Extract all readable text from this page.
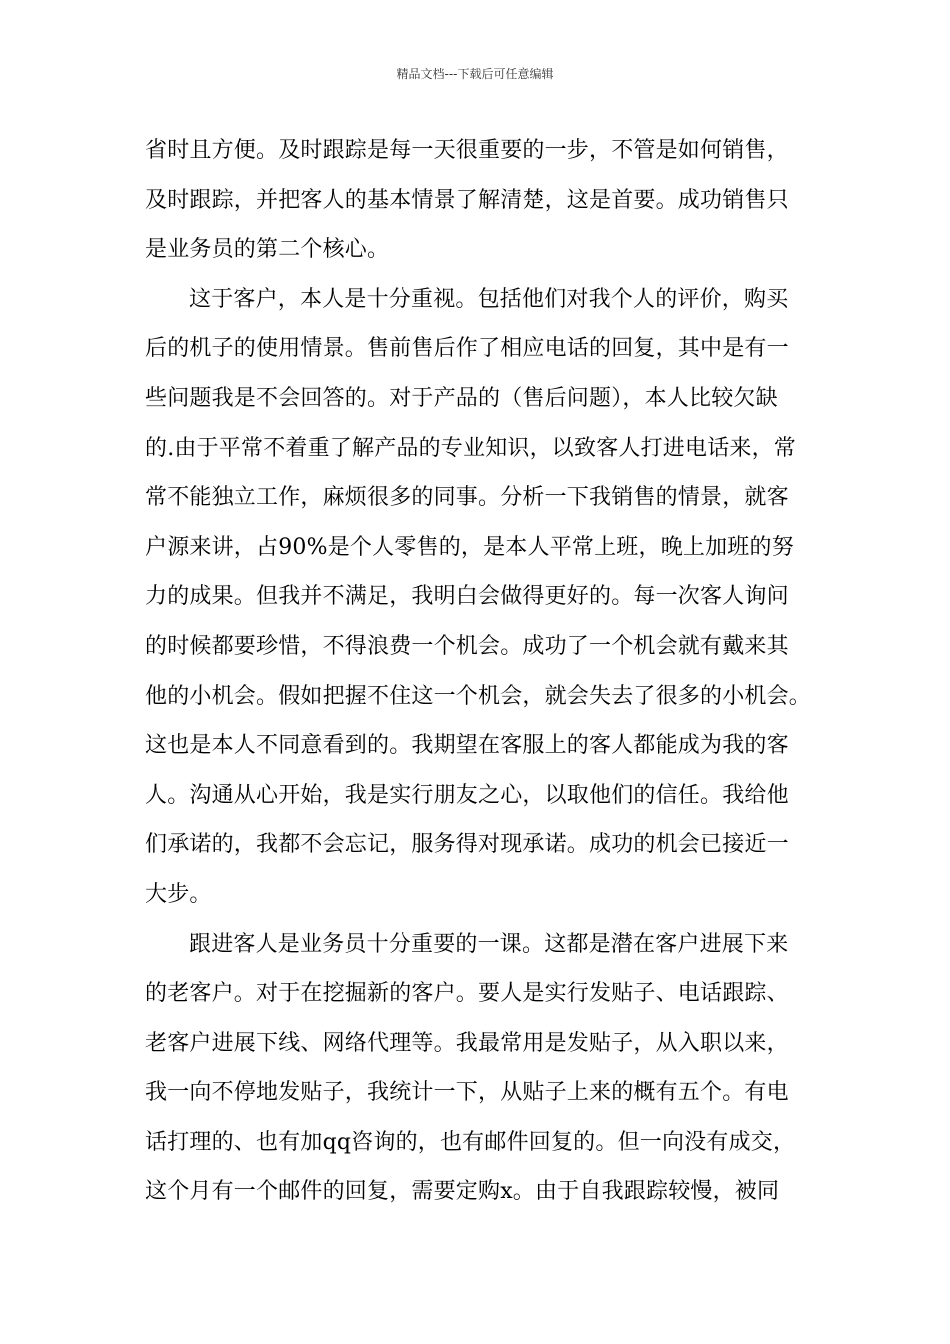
精品文档---下载后可任意编辑
省时且方便。及时跟踪是每一天很重要的一步，不管是如何销售，
及时跟踪，并把客人的基本情景了解清楚，这是首要。成功销售只
是业务员的第二个核心。
这于客户，本人是十分重视。包括他们对我个人的评价，购买
后的机子的使用情景。售前售后作了相应电话的回复，其中是有一
些问题我是不会回答的。对于产品的（售后问题），本人比较欠缺
的.由于平常不着重了解产品的专业知识，以致客人打进电话来，常
常不能独立工作，麻烦很多的同事。分析一下我销售的情景，就客
户源来讲，占90%是个人零售的，是本人平常上班，晚上加班的努
力的成果。但我并不满足，我明白会做得更好的。每一次客人询问
的时候都要珍惜，不得浪费一个机会。成功了一个机会就有戴来其
他的小机会。假如把握不住这一个机会，就会失去了很多的小机会。
这也是本人不同意看到的。我期望在客服上的客人都能成为我的客
人。沟通从心开始，我是实行朋友之心，以取他们的信任。我给他
们承诺的，我都不会忘记，服务得对现承诺。成功的机会已接近一
大步。
跟进客人是业务员十分重要的一课。这都是潜在客户进展下来
的老客户。对于在挖掘新的客户。要人是实行发贴子、电话跟踪、
老客户进展下线、网络代理等。我最常用是发贴子，从入职以来，
我一向不停地发贴子，我统计一下，从贴子上来的概有五个。有电
话打理的、也有加qq咨询的，也有邮件回复的。但一向没有成交，
这个月有一个邮件的回复，需要定购x。由于自我跟踪较慢，被同
